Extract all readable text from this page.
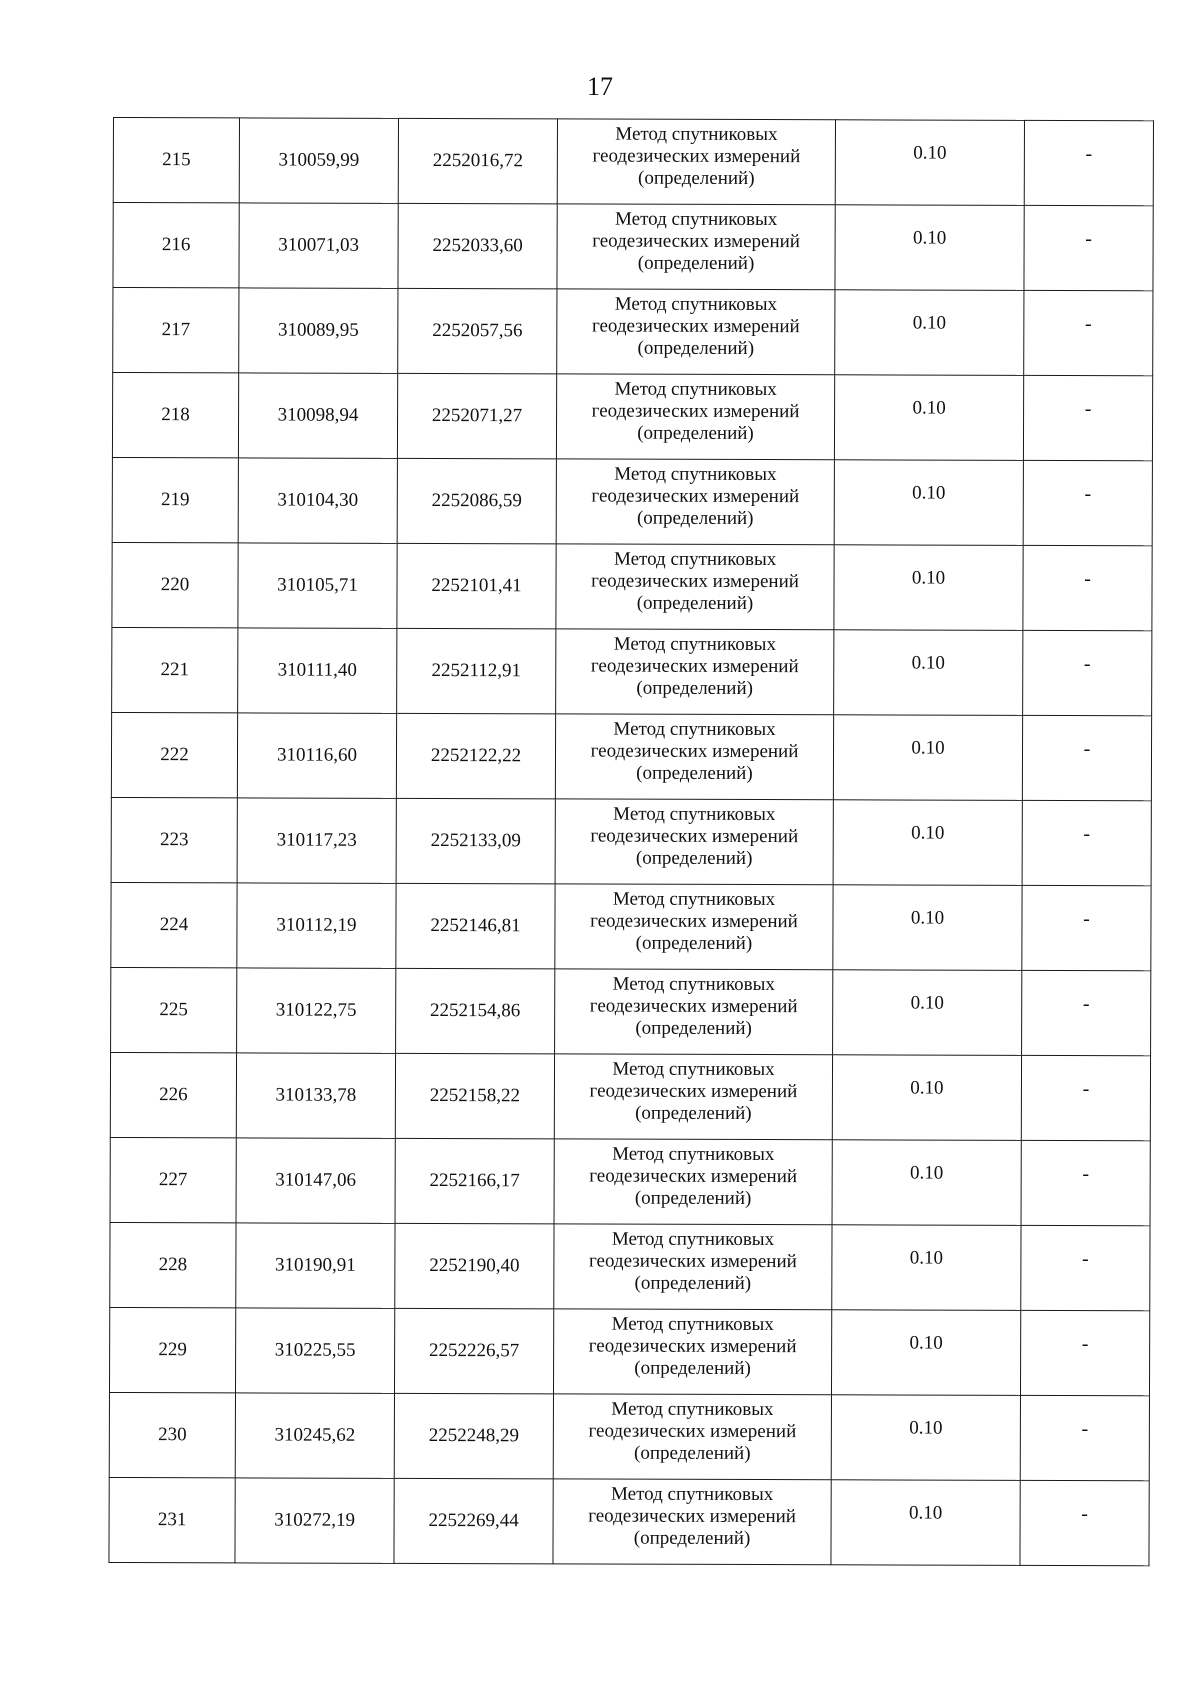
17
215	310059,99	2252016,72	Метод спутниковых
геодезических измерений
(определений)	0.10	-

216	310071,03	2252033,60	Метод спутниковых
геодезических измерений
(определений)	0.10	-

217	310089,95	2252057,56	Метод спутниковых
геодезических измерений
(определений)	0.10	-

218	310098,94	2252071,27	Метод спутниковых
геодезических измерений
(определений)	0.10	-

219	310104,30	2252086,59	Метод спутниковых
геодезических измерений
(определений)	0.10	-

220	310105,71	2252101,41	Метод спутниковых
геодезических измерений
(определений)	0.10	-

221	310111,40	2252112,91	Метод спутниковых
геодезических измерений
(определений)	0.10	-

222	310116,60	2252122,22	Метод спутниковых
геодезических измерений
(определений)	0.10	-

223	310117,23	2252133,09	Метод спутниковых
геодезических измерений
(определений)	0.10	-

224	310112,19	2252146,81	Метод спутниковых
геодезических измерений
(определений)	0.10	-

225	310122,75	2252154,86	Метод спутниковых
геодезических измерений
(определений)	0.10	-

226	310133,78	2252158,22	Метод спутниковых
геодезических измерений
(определений)	0.10	-

227	310147,06	2252166,17	Метод спутниковых
геодезических измерений
(определений)	0.10	-

228	310190,91	2252190,40	Метод спутниковых
геодезических измерений
(определений)	0.10	-

229	310225,55	2252226,57	Метод спутниковых
геодезических измерений
(определений)	0.10	-

230	310245,62	2252248,29	Метод спутниковых
геодезических измерений
(определений)	0.10	-

231	310272,19	2252269,44	Метод спутниковых
геодезических измерений
(определений)	0.10	-
